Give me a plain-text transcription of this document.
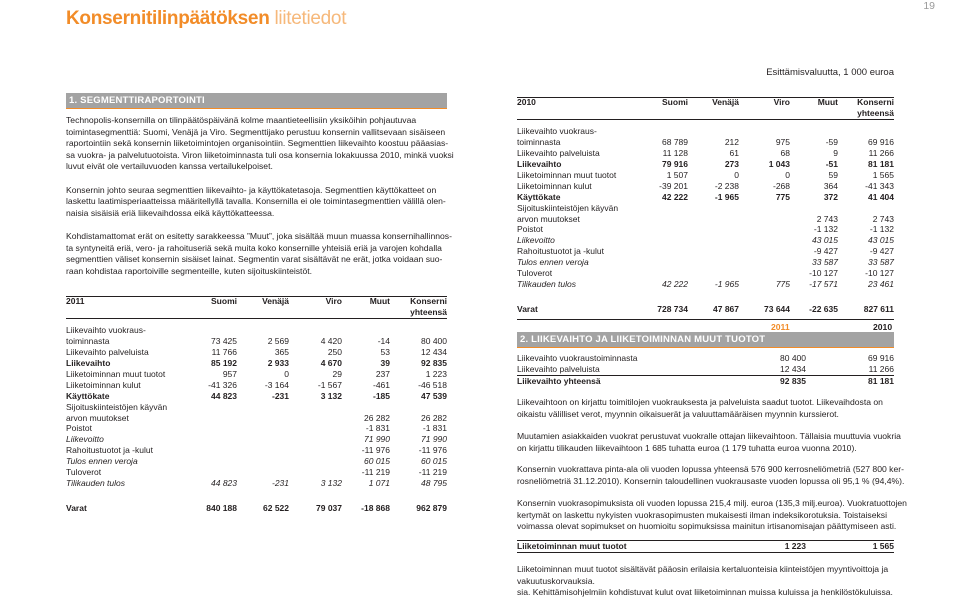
Konsernitilinpäätöksen liitetiedot
19
Esittämisvaluutta, 1 000 euroa
1. SEGMENTTIRAPORTOINTI
Technopolis-konsernilla on tilinpäätöspäivänä kolme maantieteellisiin yksiköihin pohjautuvaa
toimintasegmenttiä: Suomi, Venäjä ja Viro. Segmenttijako perustuu konsernin vallitsevaan sisäiseen
raportointiin sekä konsernin liiketoimintojen organisointiin. Segmenttien liikevaihto koostuu pääasias-
sa vuokra- ja palvelutuotoista. Viron liiketoiminnasta tuli osa konsernia lokakuussa 2010, minkä vuoksi
luvut eivät ole vertailuvuoden kanssa vertailukelpoiset.

Konsernin johto seuraa segmenttien liikevaihto- ja käyttökatetasoja. Segmenttien käyttökatteet on
laskettu laatimisperiaatteissa määritellyllä tavalla. Konsernilla ei ole toimintasegmenttien välillä olen-
naisia sisäisiä eriä liikevaihdossa eikä käyttökatteessa.

Kohdistamattomat erät on esitetty sarakkeessa ”Muut”, joka sisältää muun muassa konsernihallinnos-
ta syntyneitä eriä, vero- ja rahoituseriä sekä muita koko konsernille yhteisiä eriä ja varojen kohdalla
segmenttien väliset konsernin sisäiset lainat. Segmentin varat sisältävät ne erät, jotka voidaan suo-
raan kohdistaa raportoiville segmenteille, kuten sijoituskiinteistöt.
2011	Suomi	Venäjä	Viro	Muut	Konserni
					yhteensä

Liikevaihto vuokraus-					
toiminnasta	73 425	2 569	4 420	-14	80 400
Liikevaihto palveluista	11 766	365	250	53	12 434
Liikevaihto	85 192	2 933	4 670	39	92 835
Liiketoiminnan muut tuotot	957	0	29	237	1 223
Liiketoiminnan kulut	-41 326	-3 164	-1 567	-461	-46 518
Käyttökate	44 823	-231	3 132	-185	47 539
Sijoituskiinteistöjen käyvän					
arvon muutokset				26 282	26 282
Poistot				-1 831	-1 831
Liikevoitto				71 990	71 990
Rahoitustuotot ja -kulut				-11 976	-11 976
Tulos ennen veroja				60 015	60 015
Tuloverot				-11 219	-11 219
Tilikauden tulos	44 823	-231	3 132	1 071	48 795

Varat	840 188	62 522	79 037	-18 868	962 879
2010	Suomi	Venäjä	Viro	Muut	Konserni
					yhteensä

Liikevaihto vuokraus-					
toiminnasta	68 789	212	975	-59	69 916
Liikevaihto palveluista	11 128	61	68	9	11 266
Liikevaihto	79 916	273	1 043	-51	81 181
Liiketoiminnan muut tuotot	1 507	0	0	59	1 565
Liiketoiminnan kulut	-39 201	-2 238	-268	364	-41 343
Käyttökate	42 222	-1 965	775	372	41 404
Sijoituskiinteistöjen käyvän					
arvon muutokset				2 743	2 743
Poistot				-1 132	-1 132
Liikevoitto				43 015	43 015
Rahoitustuotot ja -kulut				-9 427	-9 427
Tulos ennen veroja				33 587	33 587
Tuloverot				-10 127	-10 127
Tilikauden tulos	42 222	-1 965	775	-17 571	23 461

Varat	728 734	47 867	73 644	-22 635	827 611
2011	2010
2. LIIKEVAIHTO JA LIIKETOIMINNAN MUUT TUOTOT
Liikevaihto vuokraustoiminnasta	80 400	69 916
Liikevaihto palveluista	12 434	11 266
Liikevaihto yhteensä	92 835	81 181
Liikevaihtoon on kirjattu toimitilojen vuokrauksesta ja palveluista saadut tuotot. Liikevaihdosta on
oikaistu välilliset verot, myynnin oikaisuerät ja valuuttamääräisen myynnin kurssierot.
Muutamien asiakkaiden vuokrat perustuvat vuokralle ottajan liikevaihtoon. Tällaisia muuttuvia vuokria
on kirjattu tilikauden liikevaihtoon 1 685 tuhatta euroa (1 179 tuhatta euroa vuonna 2010).
Konsernin vuokrattava pinta-ala oli vuoden lopussa yhteensä 576 900 kerrosneliömetriä (527 800 ker-
rosneliömetriä 31.12.2010). Konsernin taloudellinen vuokrausaste vuoden lopussa oli 95,1 % (94,4%).
Konsernin vuokrasopimuksista oli vuoden lopussa 215,4 milj. euroa (135,3 milj.euroa). Vuokratuottojen
kertymät on laskettu nykyisten vuokrasopimusten mukaisesti ilman indeksikorotuksia. Toistaiseksi
voimassa olevat sopimukset on huomioitu sopimuksissa mainitun irtisanomisajan päättymiseen asti.
Liiketoiminnan muut tuotot	1 223	1 565
Liiketoiminnan muut tuotot sisältävät pääosin erilaisia kertaluonteisia kiinteistöjen myyntivoittoja ja vakuutuskorvauksia.
sia. Kehittämisohjelmiin kohdistuvat kulut ovat liiketoiminnan muissa kuluissa ja henkilöstökuluissa.
